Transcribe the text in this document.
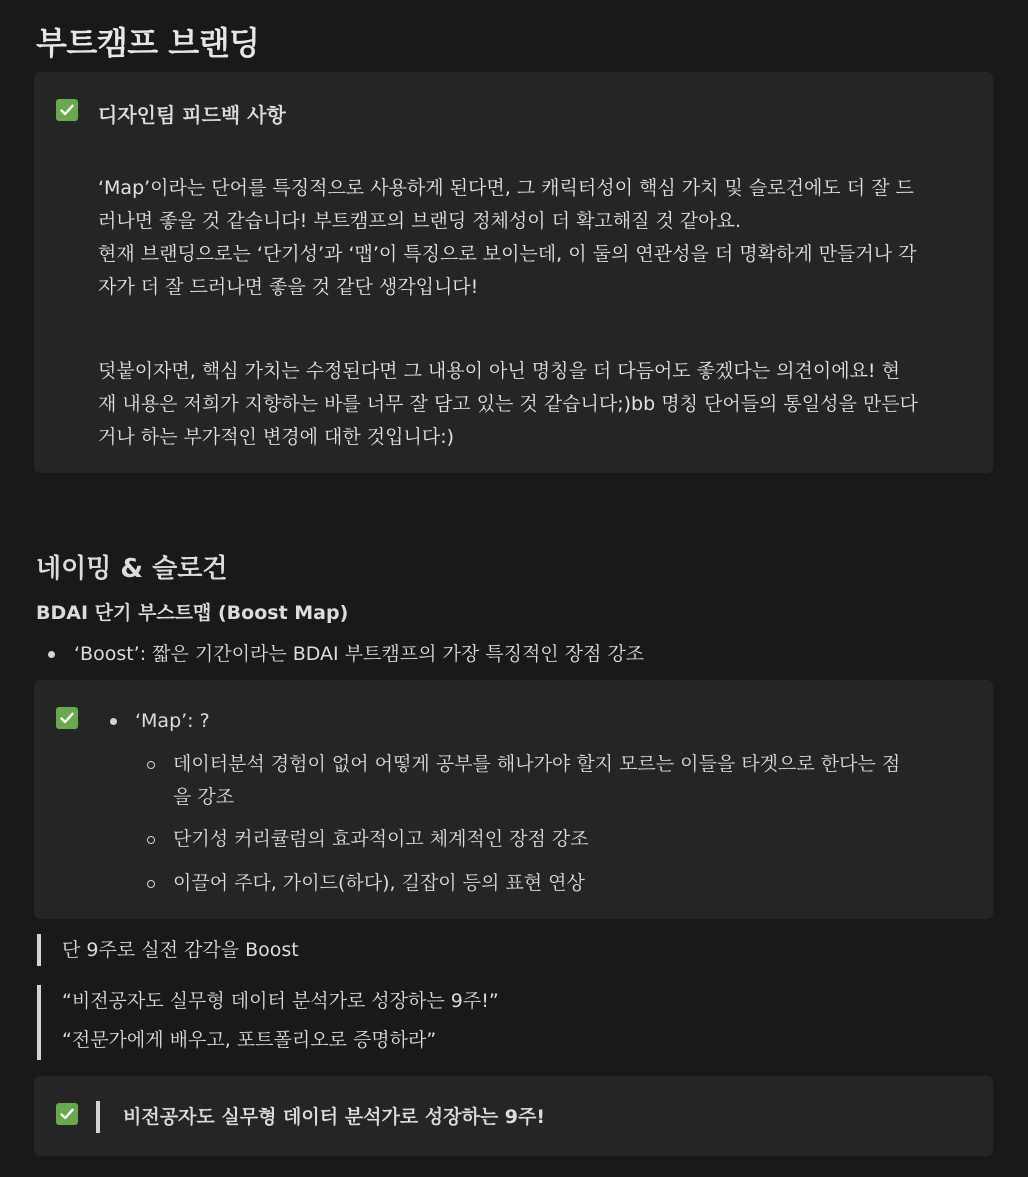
부트캠프 브랜딩
디자인팀 피드백 사항
‘Map’이라는 단어를 특징적으로 사용하게 된다면, 그 캐릭터성이 핵심 가치 및 슬로건에도 더 잘 드
러나면 좋을 것 같습니다! 부트캠프의 브랜딩 정체성이 더 확고해질 것 같아요.
현재 브랜딩으로는 ‘단기성’과 ‘맵’이 특징으로 보이는데, 이 둘의 연관성을 더 명확하게 만들거나 각
자가 더 잘 드러나면 좋을 것 같단 생각입니다!
덧붙이자면, 핵심 가치는 수정된다면 그 내용이 아닌 명칭을 더 다듬어도 좋겠다는 의견이에요! 현
재 내용은 저희가 지향하는 바를 너무 잘 담고 있는 것 같습니다;)bb 명칭 단어들의 통일성을 만든다
거나 하는 부가적인 변경에 대한 것입니다:)
네이밍 & 슬로건
BDAI 단기 부스트맵 (Boost Map)
‘Boost’: 짧은 기간이라는 BDAI 부트캠프의 가장 특징적인 장점 강조
‘Map’: ?
데이터분석 경험이 없어 어떻게 공부를 해나가야 할지 모르는 이들을 타겟으로 한다는 점
을 강조
단기성 커리큘럼의 효과적이고 체계적인 장점 강조
이끌어 주다, 가이드(하다), 길잡이 등의 표현 연상
단 9주로 실전 감각을 Boost
“비전공자도 실무형 데이터 분석가로 성장하는 9주!”
“전문가에게 배우고, 포트폴리오로 증명하라”
비전공자도 실무형 데이터 분석가로 성장하는 9주!
